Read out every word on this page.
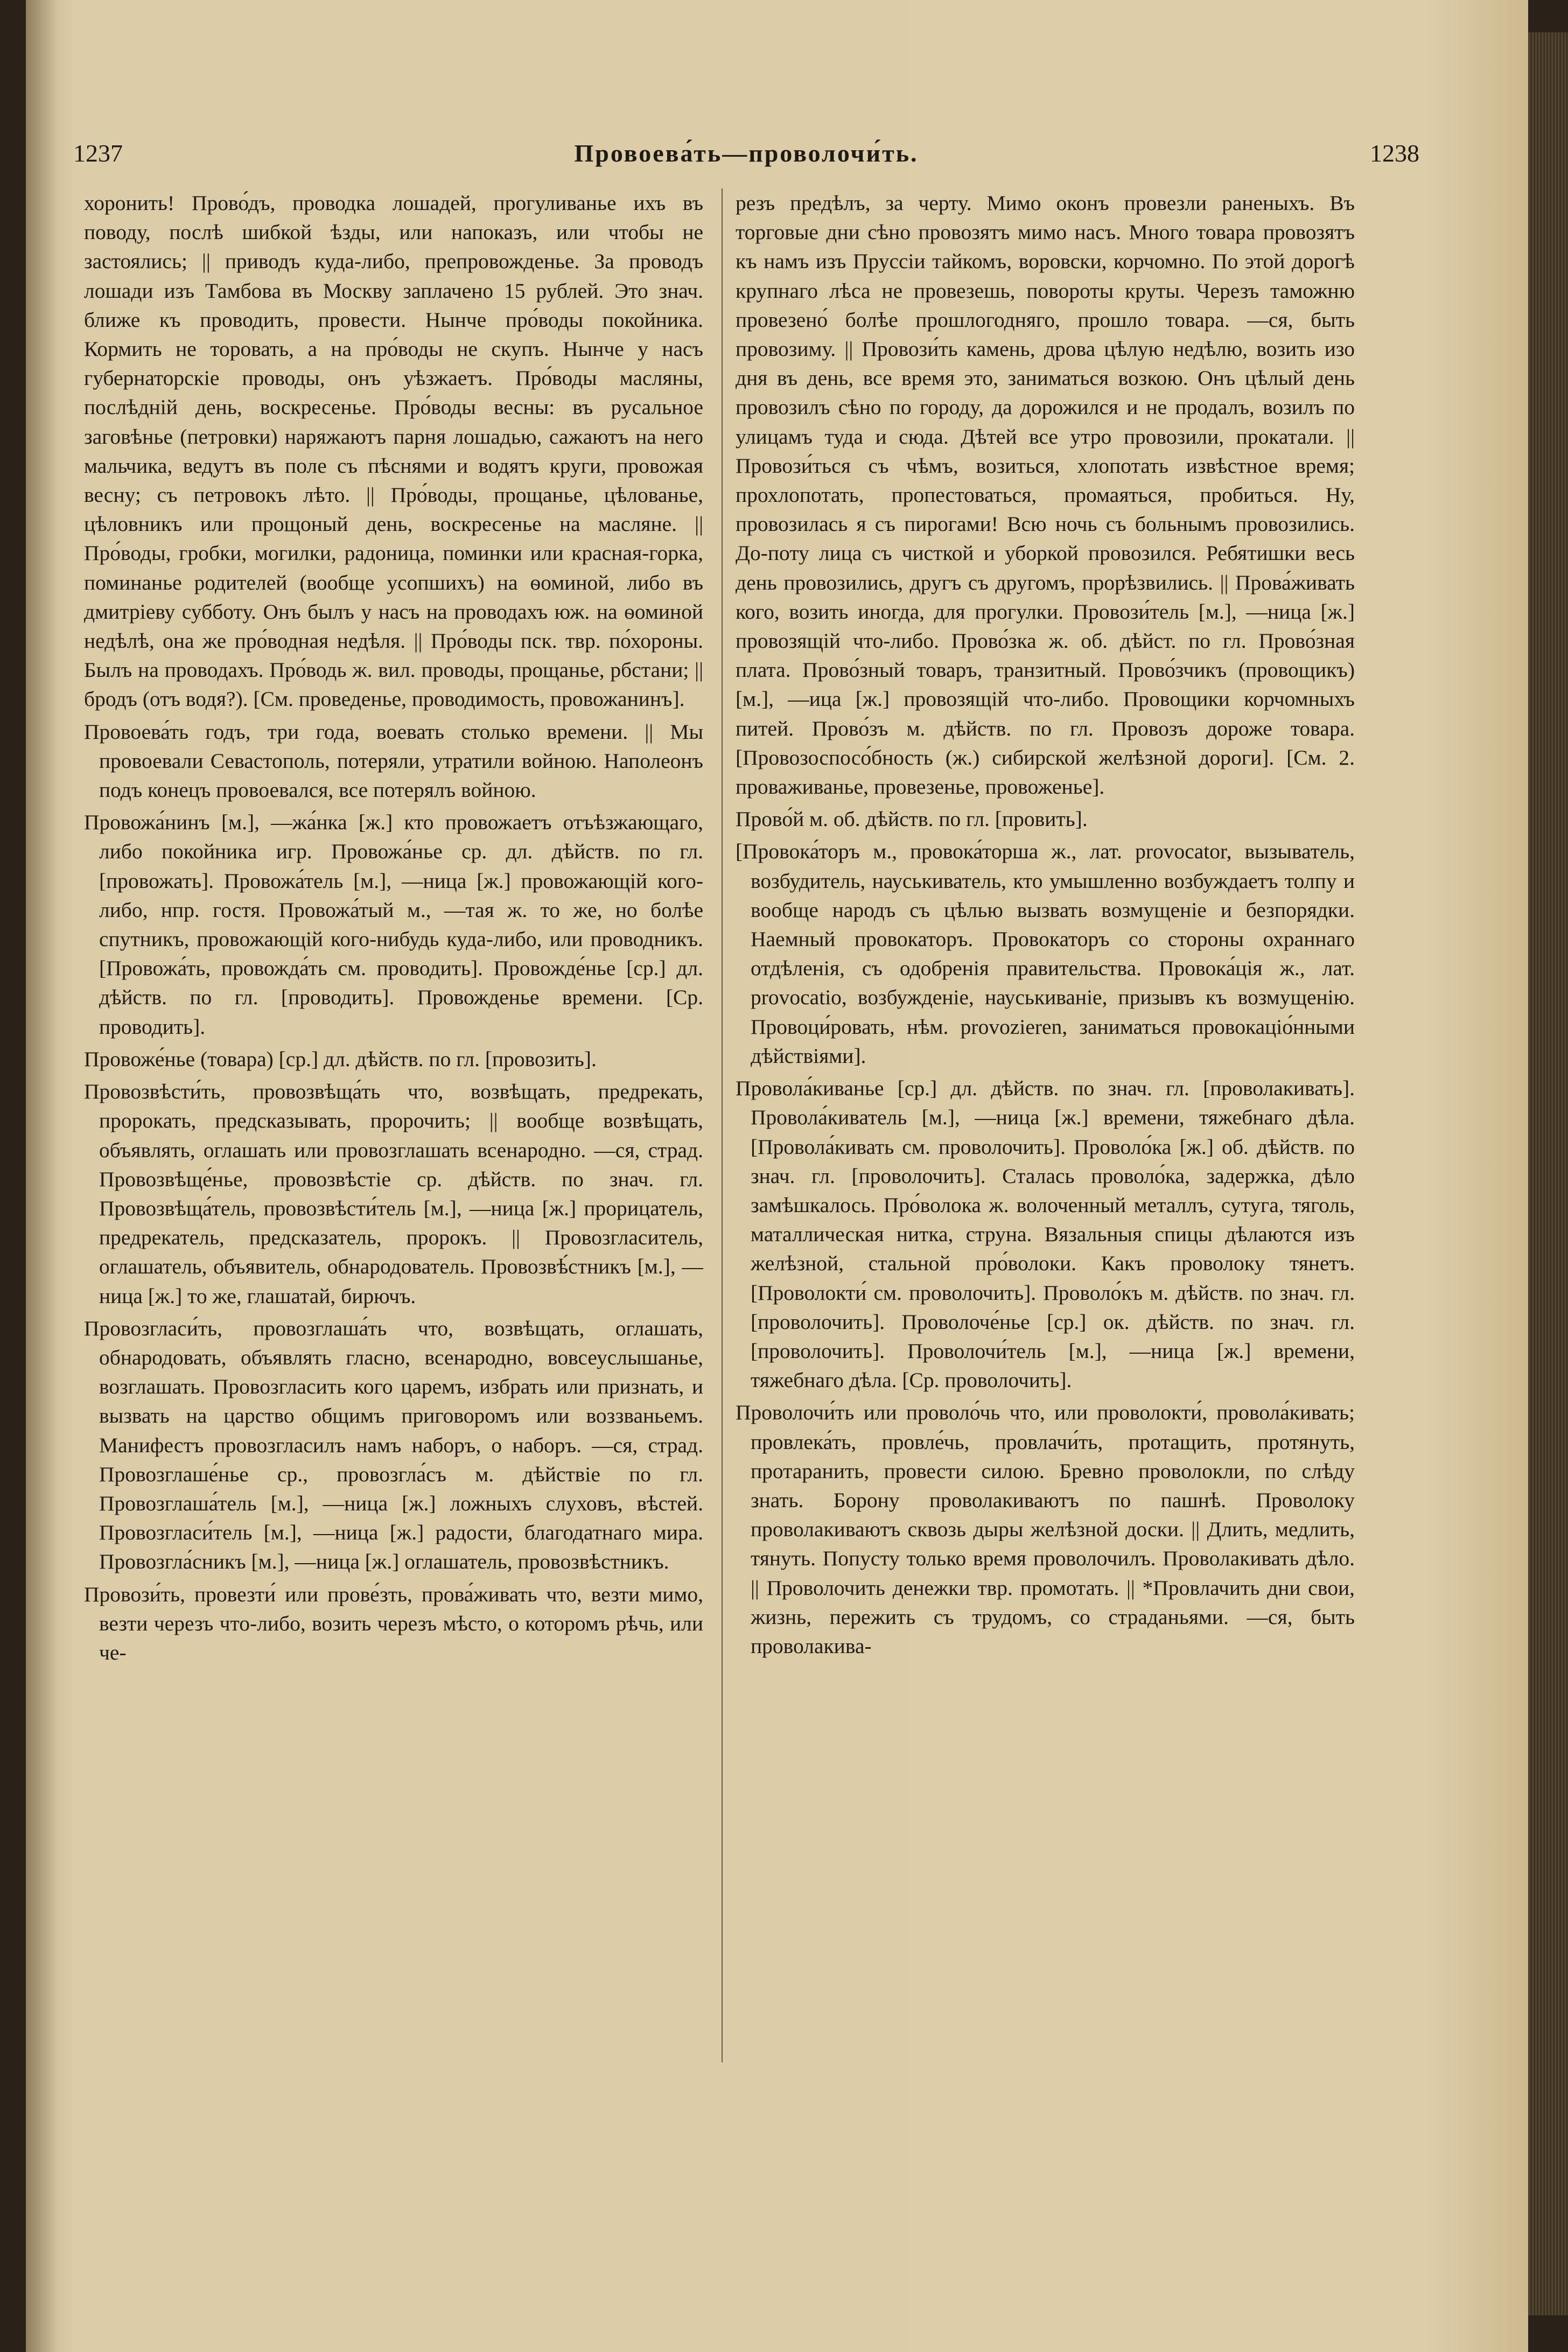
1237	Провоева́ть—проволочи́ть.	1238

хоронить! Прово́дъ, проводка лошадей, прогуливанье ихъ въ поводу, послѣ шибкой ѣзды, или напоказъ, или чтобы не застоялись; || приводъ куда-либо, препровожденье. За проводъ лошади изъ Тамбова въ Москву заплачено 15 рублей. Это знач. ближе къ проводить, провести. Нынче про́воды покойника. Кормить не торовать, а на про́воды не скупъ. Нынче у насъ губернаторскіе проводы, онъ уѣзжаетъ. Про́воды масляны, послѣдній день, воскресенье. Про́воды весны: въ русальное заговѣнье (петровки) наряжаютъ парня лошадью, сажаютъ на него мальчика, ведутъ въ поле съ пѣснями и водятъ круги, провожая весну; съ петровокъ лѣто. || Про́воды, прощанье, цѣлованье, цѣловникъ или прощоный день, воскресенье на масляне. || Про́воды, гробки, могилки, радоница, поминки или красная-горка, поминанье родителей (вообще усопшихъ) на ѳоминой, либо въ дмитріеву субботу. Онъ былъ у насъ на проводахъ юж. на ѳоминой недѣлѣ, она же про́водная недѣля. || Про́воды пск. твр. по́хороны. Былъ на проводахъ. Про́водь ж. вил. проводы, прощанье, рбстани; || бродъ (отъ водя?). [См. проведенье, проводимость, провожанинъ].

Провоева́ть годъ, три года, воевать столько времени. || Мы провоевали Севастополь, потеряли, утратили войною. Наполеонъ подъ конецъ провоевался, все потерялъ войною.

Провожа́нинъ [м.], —жа́нка [ж.] кто провожаетъ отъѣзжающаго, либо покойника игр. Провожа́нье ср. дл. дѣйств. по гл. [провожать]. Провожа́тель [м.], —ница [ж.] провожающій кого-либо, нпр. гостя. Провожа́тый м., —тая ж. то же, но болѣе спутникъ, провожающій кого-нибудь куда-либо, или проводникъ. [Провожа́ть, провожда́ть см. проводить]. Провожде́нье [ср.] дл. дѣйств. по гл. [проводить]. Провожденье времени. [Ср. проводить].

Провоже́нье (товара) [ср.] дл. дѣйств. по гл. [провозить].

Провозвѣсти́ть, провозвѣща́ть что, возвѣщать, предрекать, пророкать, предсказывать, пророчить; || вообще возвѣщать, объявлять, оглашать или провозглашать всенародно. —ся, страд. Провозвѣще́нье, провозвѣстіе ср. дѣйств. по знач. гл. Провозвѣща́тель, провозвѣсти́тель [м.], —ница [ж.] прорицатель, предрекатель, предсказатель, пророкъ. || Провозгласитель, оглашатель, объявитель, обнародователь. Провозвѣ́стникъ [м.], —ница [ж.] то же, глашатай, бирючъ.

Провозгласи́ть, провозглаша́ть что, возвѣщать, оглашать, обнародовать, объявлять гласно, всенародно, вовсеуслышанье, возглашать. Провозгласить кого царемъ, избрать или признать, и вызвать на царство общимъ приговоромъ или воззваньемъ. Манифестъ провозгласилъ намъ наборъ, о наборъ. —ся, страд. Провозглаше́нье ср., провозгла́съ м. дѣйствіе по гл. Провозглаша́тель [м.], —ница [ж.] ложныхъ слуховъ, вѣстей. Провозгласи́тель [м.], —ница [ж.] радости, благодатнаго мира. Провозгла́сникъ [м.], —ница [ж.] оглашатель, провозвѣстникъ.

Провози́ть, провезти́ или прове́зть, прова́живать что, везти мимо, везти черезъ что-либо, возить черезъ мѣсто, о которомъ рѣчь, или че-

резъ предѣлъ, за черту. Мимо оконъ провезли раненыхъ. Въ торговые дни сѣно провозятъ мимо насъ. Много товара провозятъ къ намъ изъ Пруссіи тайкомъ, воровски, корчомно. По этой дорогѣ крупнаго лѣса не провезешь, повороты круты. Черезъ таможню провезено́ болѣе прошлогодняго, прошло товара. —ся, быть провозиму. || Провози́ть камень, дрова цѣлую недѣлю, возить изо дня въ день, все время это, заниматься возкою. Онъ цѣлый день провозилъ сѣно по городу, да дорожился и не продалъ, возилъ по улицамъ туда и сюда. Дѣтей все утро провозили, прокатали. || Провози́ться съ чѣмъ, возиться, хлопотать извѣстное время; прохлопотать, пропестоваться, промаяться, пробиться. Ну, провозилась я съ пирогами! Всю ночь съ больнымъ провозились. До-поту лица съ чисткой и уборкой провозился. Ребятишки весь день провозились, другъ съ другомъ, прорѣзвились. || Прова́живать кого, возить иногда, для прогулки. Провози́тель [м.], —ница [ж.] провозящій что-либо. Прово́зка ж. об. дѣйст. по гл. Прово́зная плата. Прово́зный товаръ, транзитный. Прово́зчикъ (провощикъ) [м.], —ица [ж.] провозящій что-либо. Провощики корчомныхъ питей. Прово́зъ м. дѣйств. по гл. Провозъ дороже товара. [Провозоспосо́бность (ж.) сибирской желѣзной дороги]. [См. 2. проваживанье, провезенье, провоженье].

Прово́й м. об. дѣйств. по гл. [провить].

[Провока́торъ м., провока́торша ж., лат. provocator, вызыватель, возбудитель, науськиватель, кто умышленно возбуждаетъ толпу и вообще народъ съ цѣлью вызвать возмущеніе и безпорядки. Наемный провокаторъ. Провокаторъ со стороны охраннаго отдѣленія, съ одобренія правительства. Провока́ція ж., лат. provocatio, возбужденіе, науськиваніе, призывъ къ возмущенію. Провоци́ровать, нѣм. provozieren, заниматься провокаціо́нными дѣйствіями].

Провола́киванье [ср.] дл. дѣйств. по знач. гл. [проволакивать]. Провола́киватель [м.], —ница [ж.] времени, тяжебнаго дѣла. [Провола́кивать см. проволочить]. Проволо́ка [ж.] об. дѣйств. по знач. гл. [проволочить]. Сталась проволо́ка, задержка, дѣло замѣшкалось. Про́волока ж. волоченный металлъ, сутуга, тяголь, маталлическая нитка, струна. Вязальныя спицы дѣлаются изъ желѣзной, стальной про́волоки. Какъ проволоку тянетъ. [Проволокти́ см. проволочить]. Проволо́къ м. дѣйств. по знач. гл. [проволочить]. Проволоче́нье [ср.] ок. дѣйств. по знач. гл. [проволочить]. Проволочи́тель [м.], —ница [ж.] времени, тяжебнаго дѣла. [Ср. проволочить].

Проволочи́ть или проволо́чь что, или проволокти́, провола́кивать; провлека́ть, провле́чь, провлачи́ть, протащить, протянуть, протаранить, провести силою. Бревно проволокли, по слѣду знать. Борону проволакиваютъ по пашнѣ. Проволоку проволакиваютъ сквозь дыры желѣзной доски. || Длить, медлить, тянуть. Попусту только время проволочилъ. Проволакивать дѣло. || Проволочить денежки твр. промотать. || *Провлачить дни свои, жизнь, пережить съ трудомъ, со страданьями. —ся, быть проволакива-
